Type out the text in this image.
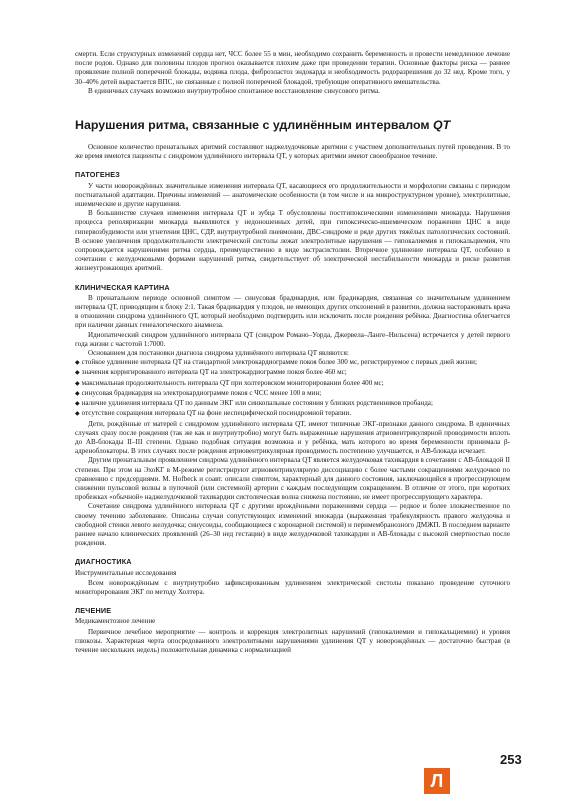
смерти. Если структурных изменений сердца нет, ЧСС более 55 в мин, необходимо сохранить беременность и провести немедленное лечение после родов. Однако для половины плодов прогноз оказывается плохим даже при проведении терапии. Основные факторы риска — раннее проявление полной поперечной блокады, водянка плода, фиброэластоз эндокарда и необходимость родоразрешения до 32 нед. Кроме того, у 30–40% детей вырастается ВПС, не связанные с полной поперечной блокадой, требующие оперативного вмешательства.

В единичных случаях возможно внутриутробное спонтанное восстановление синусового ритма.

Нарушения ритма, связанные с удлинённым интервалом QT

Основное количество пренатальных аритмий составляют наджелудочковые аритмии с участием дополнительных путей проведения. В то же время имеются пациенты с синдромом удлинённого интервала QT, у которых аритмии имеют своеобразное течение.

ПАТОГЕНЕЗ

У части новорождённых значительные изменения интервала QT, касающиеся его продолжительности и морфологии связаны с периодом постнатальной адаптации. Причины изменений — анатомические особенности (в том числе и на микроструктурном уровне), электролитные, ишемические и другие нарушения.

В большинстве случаев изменения интервала QT и зубца T обусловлены постгипоксическими изменениями миокарда. Нарушения процесса реполяризации миокарда выявляются у недоношенных детей, при гипоксическо-ишемическом поражении ЦНС в виде гипервозбудимости или угнетения ЦНС, СДР, внутриутробной пневмонии, ДВС-синдроме и ряде других тяжёлых патологических состояний. В основе увеличения продолжительности электрической систолы лежат электролитные нарушения — гипокалиемия и гипокальциемия, что сопровождается нарушениями ритма сердца, преимущественно в виде экстрасистолии. Вторичное удлинение интервала QT, особенно в сочетании с желудочковыми формами нарушений ритма, свидетельствует об электрической нестабильности миокарда и риске развития жизнеугрожающих аритмий.

КЛИНИЧЕСКАЯ КАРТИНА

В пренатальном периоде основной симптом — синусовая брадикардия, или брадикардия, связанная со значительным удлинением интервала QT, приводящим к блоку 2:1. Такая брадикардия у плодов, не имеющих других отклонений в развитии, должна настораживать врача в отношении синдрома удлинённого QT, который необходимо подтвердить или исключить после рождения ребёнка. Диагностика облегчается при наличии данных генеалогического анамнеза.

Идиопатический синдром удлинённого интервала QT (синдром Романо–Уорда, Джервела–Ланге–Нильсена) встречается у детей первого года жизни с частотой 1:7000.

Основанием для постановки диагноза синдрома удлинённого интервала QT являются:

◆ стойкое удлинение интервала QT на стандартной электрокардиограмме покоя более 300 мс, регистрируемое с первых дней жизни;

◆ значения корригированного интервала QT на электрокардиограмме покоя более 460 мс;

◆ максимальная продолжительность интервала QT при холтеровском мониторировании более 400 мс;

◆ синусовая брадикардия на электрокардиограмме покоя с ЧСС менее 100 в мин;

◆ наличие удлинения интервала QT по данным ЭКГ или синкопальные состояния у близких родственников пробанда;

◆ отсутствие сокращения интервала QT на фоне неспецифической посиндромной терапии.

Дети, рождённые от матерей с синдромом удлинённого интервала QT, имеют типичные ЭКГ-признаки данного синдрома. В единичных случаях сразу после рождения (так же как и внутриутробно) могут быть выраженные нарушения атриовентрикулярной проводимости вплоть до АВ-блокады II–III степени. Однако подобная ситуация возможна и у ребёнка, мать которого во время беременности принимала β-адреноблокаторы. В этих случаях после рождения атриовентрикулярная проводимость постепенно улучшается, и АВ-блокада исчезает.

Другим пренатальным проявлением синдрома удлинённого интервала QT является желудочковая тахикардия в сочетании с АВ-блокадой II степени. При этом на ЭхоКГ в М-режиме регистрируют атриовентрикулярную диссоциацию с более частыми сокращениями желудочков по сравнению с предсердиями. M. Hofbeck и соавт. описали симптом, характерный для данного состояния, заключающийся в прогрессирующем снижении пульсовой волны в пупочной (или системной) артерии с каждым последующим сокращением. В отличие от этого, при коротких пробежках «обычной» наджелудочковой тахикардии систолическая волна снижена постоянно, не имеет прогрессирующего характера.

Сочетание синдрома удлинённого интервала QT с другими врождёнными поражениями сердца — редкое и более злокачественное по своему течению заболевание. Описаны случаи сопутствующих изменений миокарда (выраженная трабекулярность правого желудочка и свободной стенки левого желудочка; синусоиды, сообщающиеся с коронарной системой) и перимембранозного ДМЖП. В последнем варианте раннее начало клинических проявлений (26–30 нед гестации) в виде желудочковой тахикардии и АВ-блокады с высокой смертностью после рождения.

ДИАГНОСТИКА

Инструментальные исследования

Всем новорождённым с внутриутробно зафиксированным удлинением электрической систолы показано проведение суточного мониторирования ЭКГ по методу Холтера.

ЛЕЧЕНИЕ

Медикаментозное лечение

Первичное лечебное мероприятие — контроль и коррекция электролитных нарушений (гипокалиемии и гипокальциемии) и уровня глюкозы. Характерная черта опосредованного электролитными нарушениями удлинения QT у новорождённых — достаточно быстрая (в течение нескольких недель) положительная динамика с нормализацией

253
Л
